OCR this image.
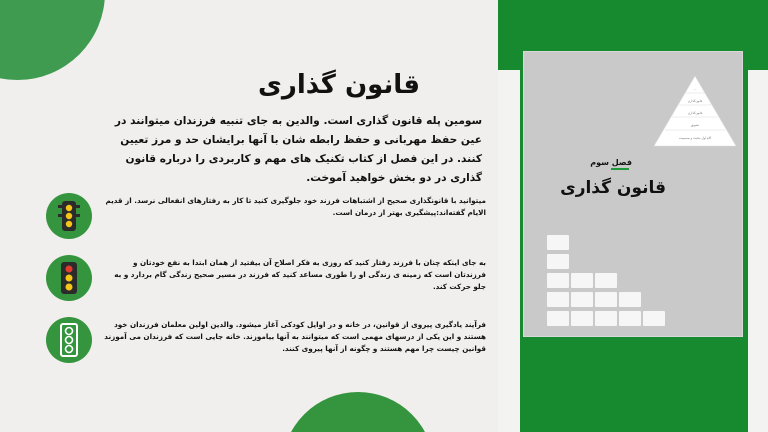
...
قانون‌گذاری
قانون‌گذاری
تشویق
گام اول محبت و صمیمیت
فصل سوم
قانون گذاری
قانون گذاری
سومین پله قانون گذاری است. والدین به جای تنبیه فرزندان میتوانند در عین حفظ مهربانی و حفظ رابطه شان با آنها برایشان حد و مرز تعیین کنند. در این فصل از کتاب تکنیک های مهم و کاربردی را درباره قانون گذاری در دو بخش خواهید آموخت.
میتوانید با قانونگذاری صحیح از اشتباهات فرزند خود جلوگیری کنید تا کار به رفتارهای انفعالی نرسد. از قدیم الایام گفته‌اند:پیشگیری بهتر از درمان است.
به جای اینکه چنان با فرزند رفتار کنید که روزی به فکر اصلاح آن بیفتید از همان ابتدا به نفع خودتان و فرزندتان است که زمینه ی زندگی او را طوری مساعد کنید که فرزند در مسیر صحیح زندگی گام بردارد و به جلو حرکت کند.
فرآیند یادگیری پیروی از قوانین، در خانه و در اوایل کودکی آغاز میشود. والدین اولین معلمان فرزندان خود هستند و این یکی از درسهای مهمی است که میتوانند به آنها بیاموزند. خانه جایی است که فرزندان می آموزند قوانین چیست چرا مهم هستند و چگونه از آنها پیروی کنند.
